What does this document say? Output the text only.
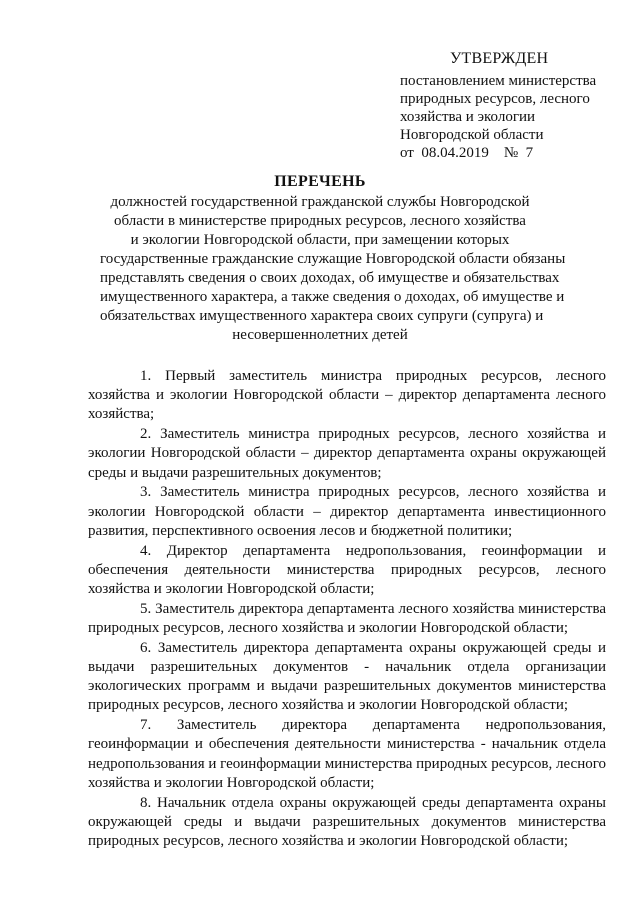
УТВЕРЖДЕН
постановлением министерства
природных ресурсов, лесного
хозяйства и экологии
Новгородской области
от  08.04.2019    №  7
ПЕРЕЧЕНЬ
должностей государственной гражданской службы Новгородской
области в министерстве природных ресурсов, лесного хозяйства
и экологии Новгородской области, при замещении которых
государственные гражданские служащие Новгородской области обязаны
представлять сведения о своих доходах, об имуществе и обязательствах
имущественного характера, а также сведения о доходах, об имуществе и
обязательствах имущественного характера своих супруги (супруга) и
несовершеннолетних детей

1. Первый заместитель министра природных ресурсов, лесного хозяйства и экологии Новгородской области – директор департамента лесного хозяйства;

2. Заместитель министра природных ресурсов, лесного хозяйства и экологии Новгородской области – директор департамента охраны окружающей среды и выдачи разрешительных документов;

3. Заместитель министра природных ресурсов, лесного хозяйства и экологии Новгородской области – директор департамента инвестиционного развития, перспективного освоения лесов и бюджетной политики;

4. Директор департамента недропользования, геоинформации и обеспечения деятельности министерства природных ресурсов, лесного хозяйства и экологии Новгородской области;

5. Заместитель директора департамента лесного хозяйства министерства природных ресурсов, лесного хозяйства и экологии Новгородской области;

6. Заместитель директора департамента охраны окружающей среды и выдачи разрешительных документов - начальник отдела организации экологических программ и выдачи разрешительных документов министерства природных ресурсов, лесного хозяйства и экологии Новгородской области;

7. Заместитель директора департамента недропользования, геоинформации и обеспечения деятельности министерства - начальник отдела недропользования и геоинформации министерства природных ресурсов, лесного хозяйства и экологии Новгородской области;

8. Начальник отдела охраны окружающей среды департамента охраны окружающей среды и выдачи разрешительных документов министерства природных ресурсов, лесного хозяйства и экологии Новгородской области;
